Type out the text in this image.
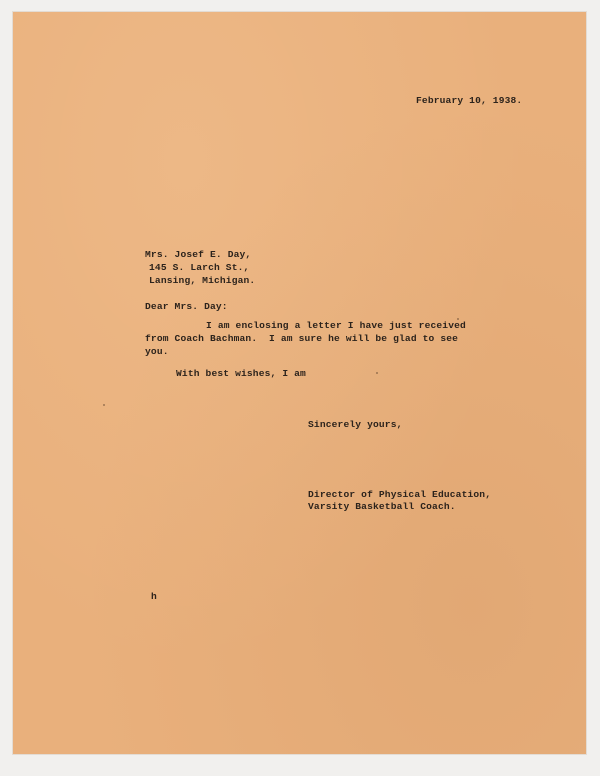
February 10, 1938.

Mrs. Josef E. Day,

145 S. Larch St.,

Lansing, Michigan.

Dear Mrs. Day:

I am enclosing a letter I have just received

from Coach Bachman.  I am sure he will be glad to see

you.

With best wishes, I am

Sincerely yours,

Director of Physical Education,

Varsity Basketball Coach.

h
